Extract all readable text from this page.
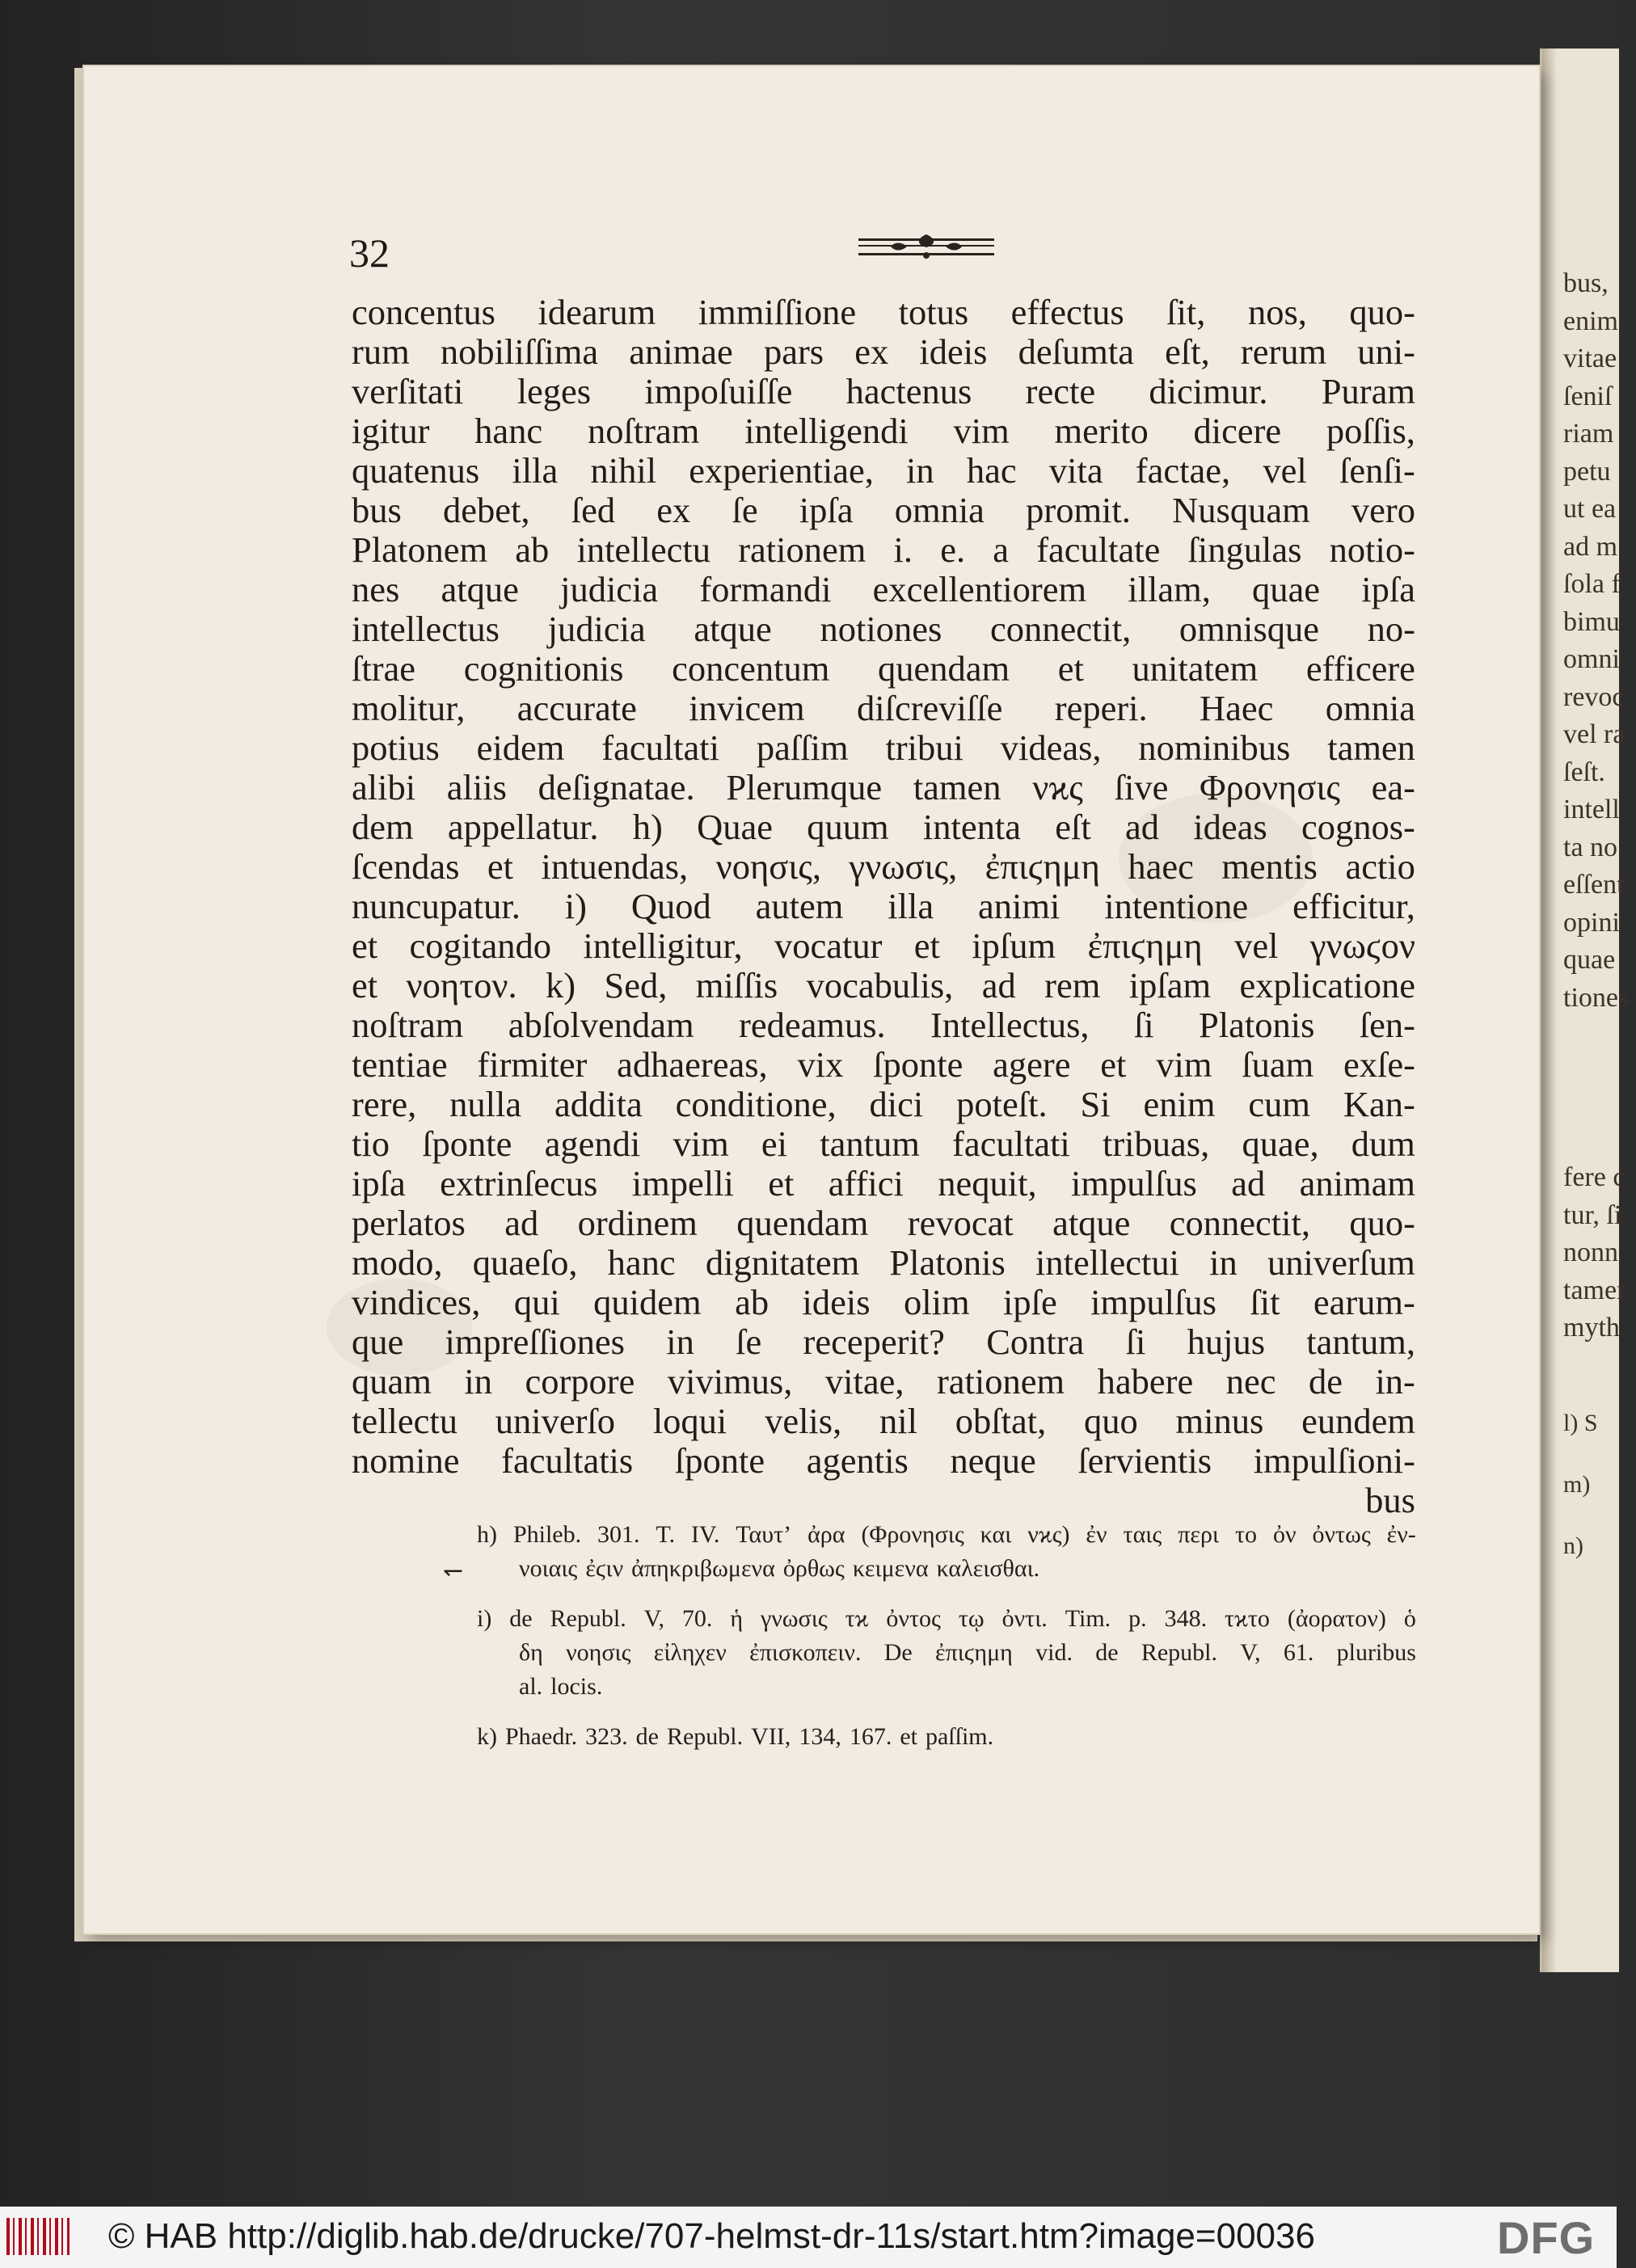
bus,
enim
vitae
ſeniſ
riam
petu
ut ea
ad m
ſola f
bimu
omni
revoc
vel ra
ſeſt.
intell
ta no
eſſent
opini
quae
tiones
fere c
tur, ſi
nonn
tamer
myth
l) S
m)
n)
32
concentus idearum immiſſione totus effectus ſit, nos, quo-
rum nobiliſſima animae pars ex ideis deſumta eſt, rerum uni-
verſitati leges impoſuiſſe hactenus recte dicimur. Puram
igitur hanc noſtram intelligendi vim merito dicere poſſis,
quatenus illa nihil experientiae, in hac vita factae, vel ſenſi-
bus debet, ſed ex ſe ipſa omnia promit. Nusquam vero
Platonem ab intellectu rationem i. e. a facultate ſingulas notio-
nes atque judicia formandi excellentiorem illam, quae ipſa
intellectus judicia atque notiones connectit, omnisque no-
ſtrae cognitionis concentum quendam et unitatem efficere
molitur, accurate invicem diſcreviſſe reperi. Haec omnia
potius eidem facultati paſſim tribui videas, nominibus tamen
alibi aliis deſignatae. Plerumque tamen νϰς ſive Φρονησις ea-
dem appellatur. h) Quae quum intenta eſt ad ideas cognos-
ſcendas et intuendas, νοησις, γνωσις, ἐπιϛημη haec mentis actio
nuncupatur. i) Quod autem illa animi intentione efficitur,
et cogitando intelligitur, vocatur et ipſum ἐπιϛημη vel γνωϛον
et νοητον. k) Sed, miſſis vocabulis, ad rem ipſam explicatione
noſtram abſolvendam redeamus. Intellectus, ſi Platonis ſen-
tentiae firmiter adhaereas, vix ſponte agere et vim ſuam exſe-
rere, nulla addita conditione, dici poteſt. Si enim cum Kan-
tio ſponte agendi vim ei tantum facultati tribuas, quae, dum
ipſa extrinſecus impelli et affici nequit, impulſus ad animam
perlatos ad ordinem quendam revocat atque connectit, quo-
modo, quaeſo, hanc dignitatem Platonis intellectui in univerſum
vindices, qui quidem ab ideis olim ipſe impulſus ſit earum-
que impreſſiones in ſe receperit? Contra ſi hujus tantum,
quam in corpore vivimus, vitae, rationem habere nec de in-
tellectu univerſo loqui velis, nil obſtat, quo minus eundem
nomine facultatis ſponte agentis neque ſervientis impulſioni-
bus
↽
h) Phileb. 301. T. IV. Ταυτ’ ἀρα (Φρονησις και νϰς) ἐν ταις περι το ὀν ὀντως ἐν-
νοιαις ἐϛιν ἀπηκριβωμενα ὀρθως κειμενα καλεισθαι.
i) de Republ. V, 70. ἡ γνωσις τϰ ὀντος τῳ ὀντι. Tim. p. 348. τϰτο (ἀορατον) ὁ
δη νοησις εἰληχεν ἐπισκοπειν. De ἐπιϛημη vid. de Republ. V, 61. pluribus
al. locis.
k) Phaedr. 323. de Republ. VII, 134, 167. et paſſim.
© HAB http://diglib.hab.de/drucke/707-helmst-dr-11s/start.htm?image=00036	DFG
